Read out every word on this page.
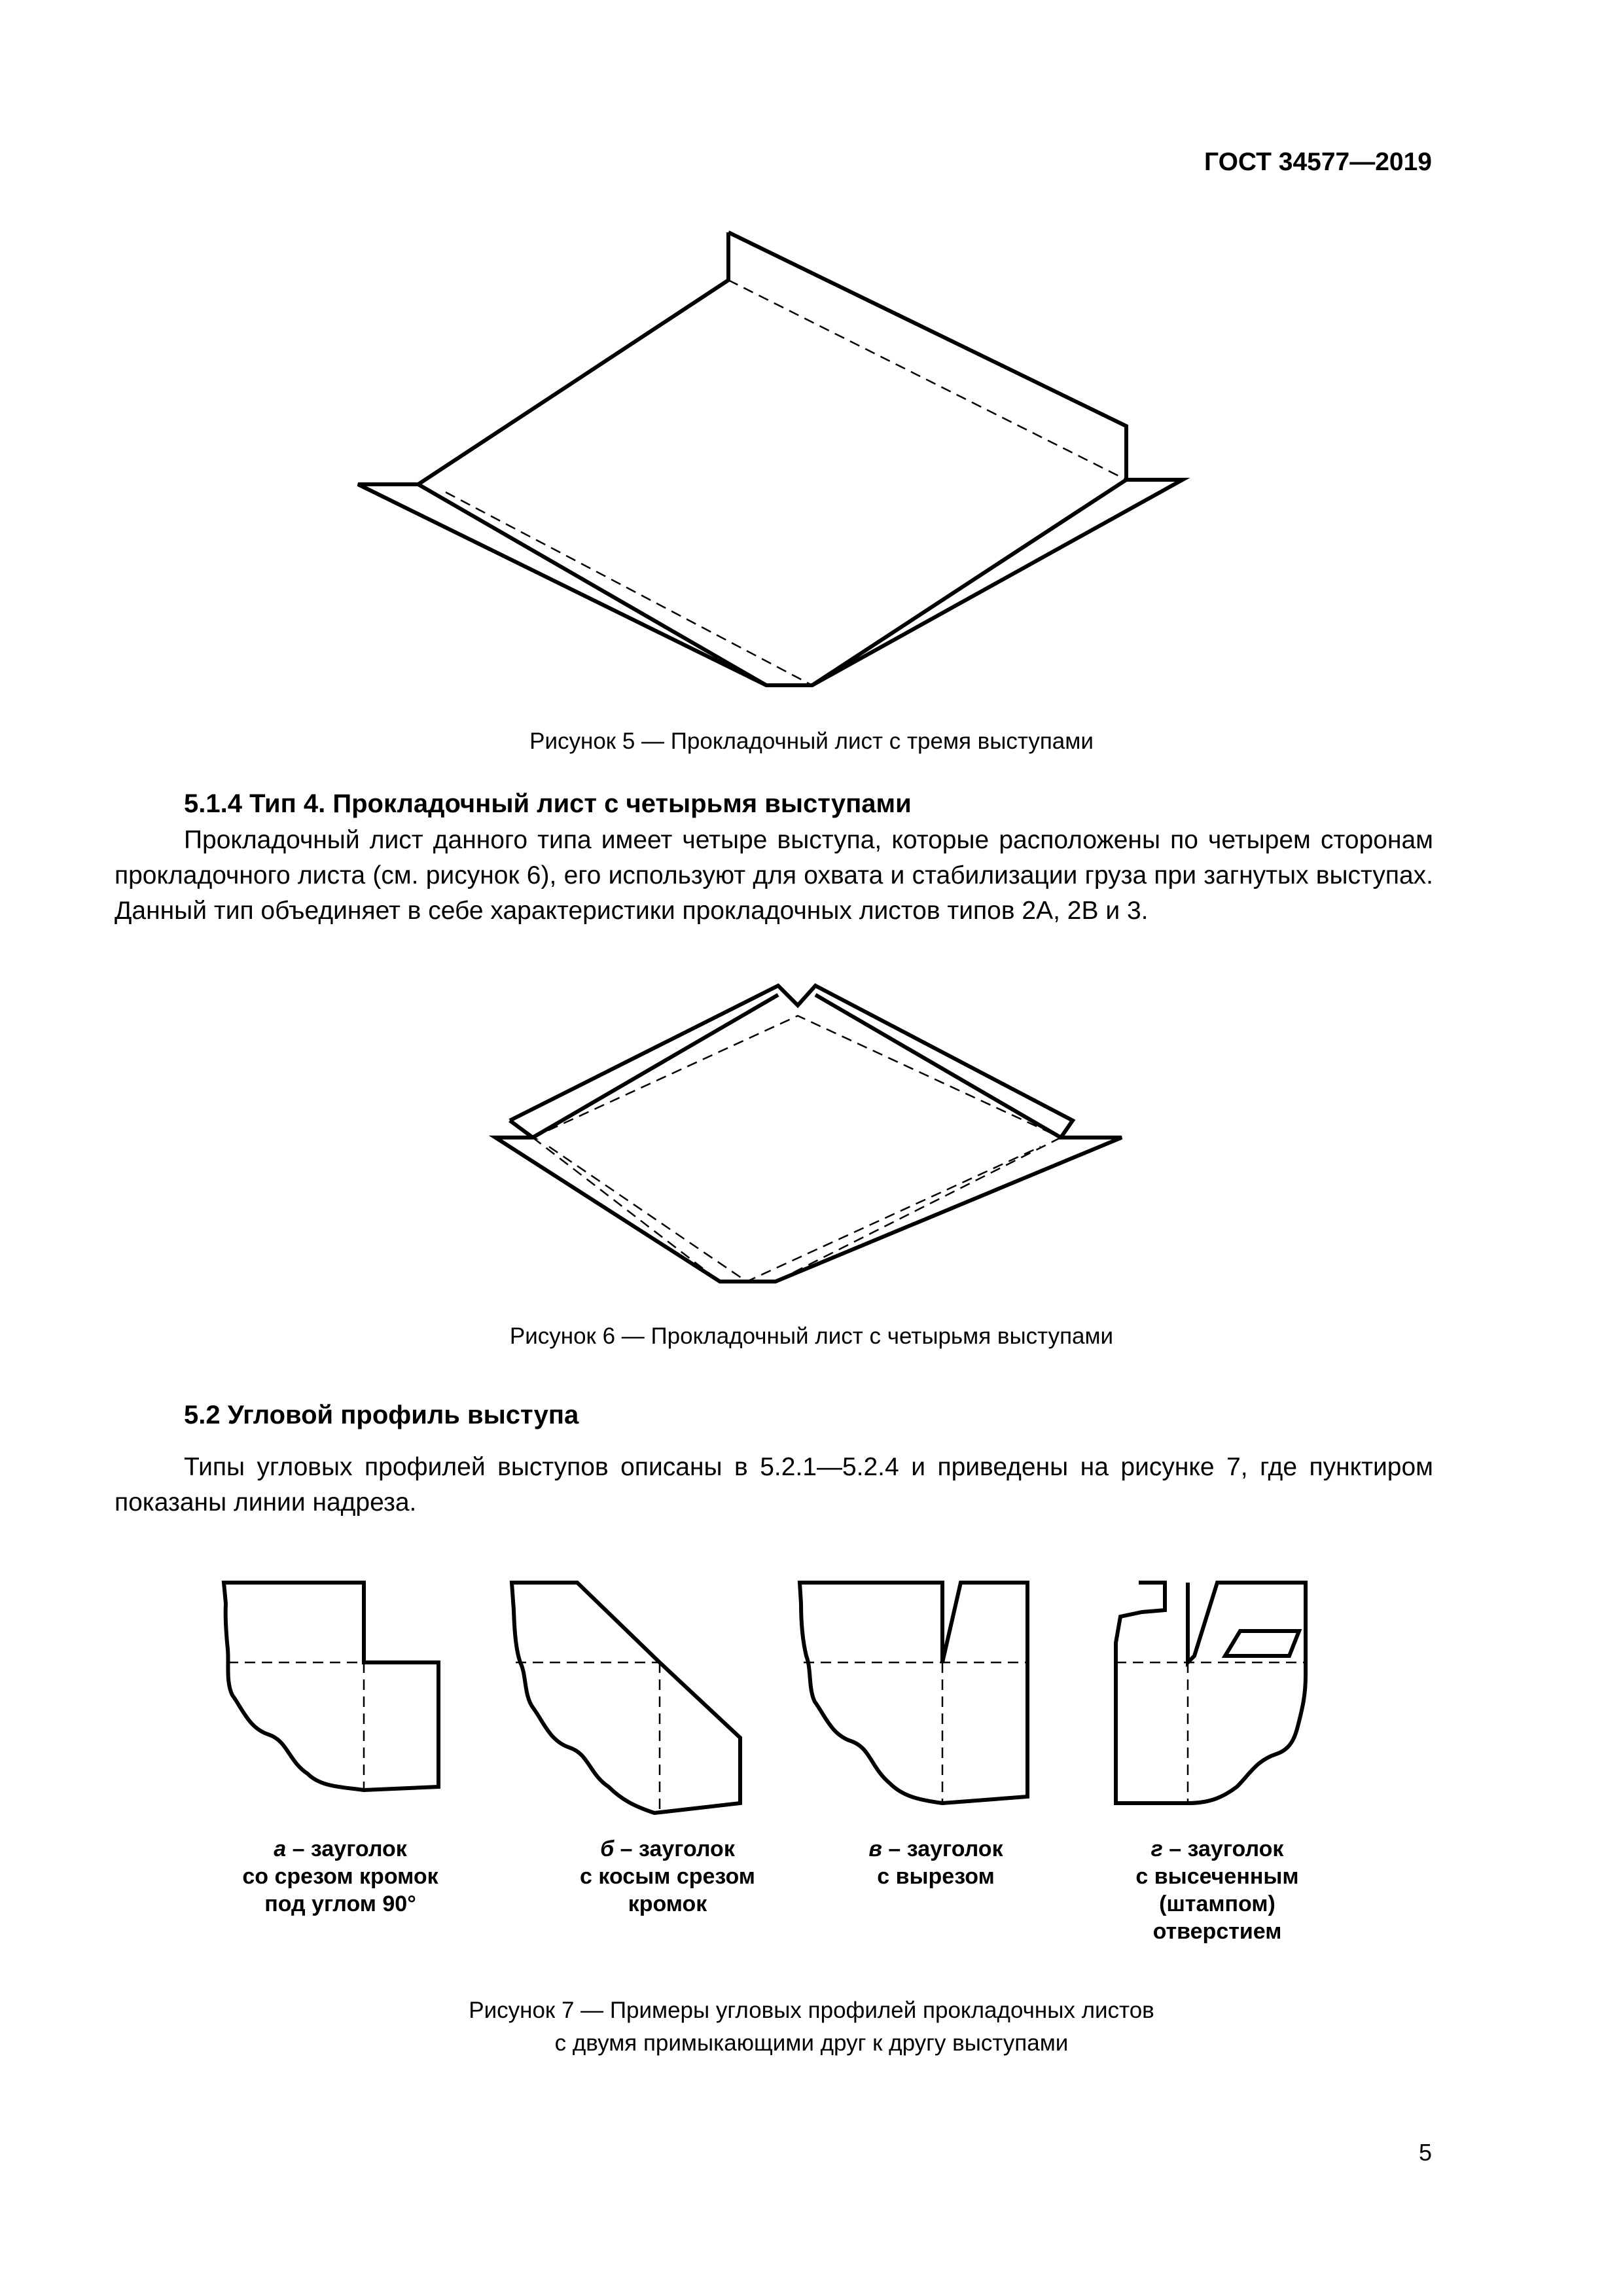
ГОСТ 34577—2019
Рисунок 5 — Прокладочный лист с тремя выступами
5.1.4 Тип 4. Прокладочный лист с четырьмя выступами

Прокладочный лист данного типа имеет четыре выступа, которые расположены по четырем сторонам прокладочного листа (см. рисунок 6), его используют для охвата и стабилизации груза при загнутых выступах. Данный тип объединяет в себе характеристики прокладочных листов типов 2А, 2В и 3.

Рисунок 6 — Прокладочный лист с четырьмя выступами
5.2 Угловой профиль выступа

Типы угловых профилей выступов описаны в 5.2.1—5.2.4 и приведены на рисунке 7, где пунктиром показаны линии надреза.

а – зауголок
со срезом кромок
под углом 90°
б – зауголок
с косым срезом
кромок
в – зауголок
с вырезом
г – зауголок
с высеченным
(штампом)
отверстием
Рисунок 7 — Примеры угловых профилей прокладочных листов
с двумя примыкающими друг к другу выступами
5
